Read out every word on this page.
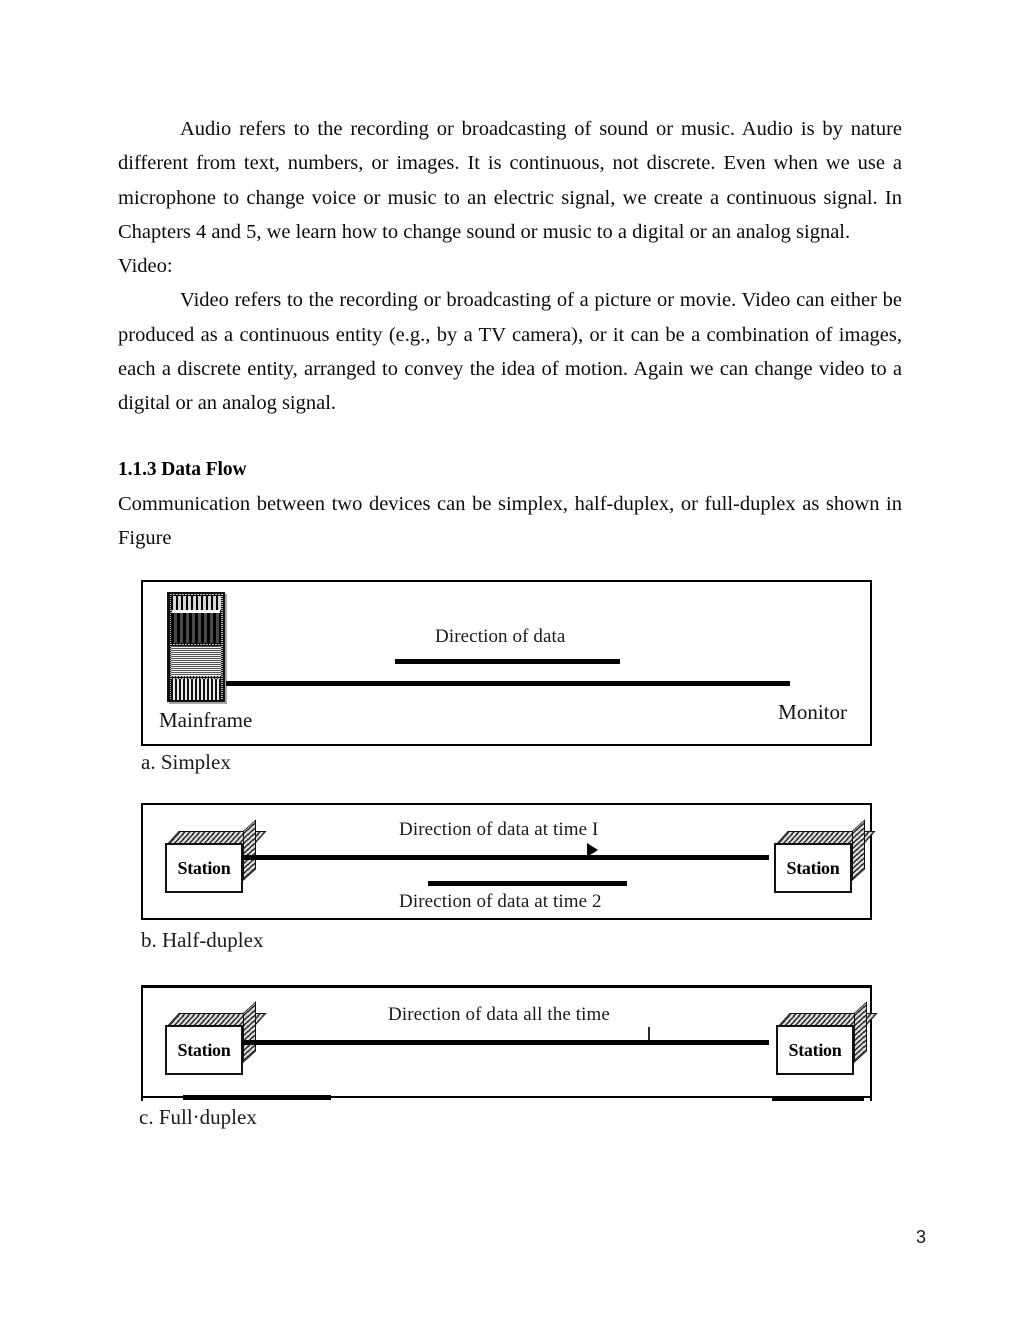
Audio refers to the recording or broadcasting of sound or music. Audio is by nature different from text, numbers, or images. It is continuous, not discrete. Even when we use a microphone to change voice or music to an electric signal, we create a continuous signal. In Chapters 4 and 5, we learn how to change sound or music to a digital or an analog signal.

Video:

Video refers to the recording or broadcasting of a picture or movie. Video can either be produced as a continuous entity (e.g., by a TV camera), or it can be a combination of images, each a discrete entity, arranged to convey the idea of motion. Again we can change video to a digital or an analog signal.

1.1.3 Data Flow

Communication between two devices can be simplex, half-duplex, or full-duplex as shown in Figure

Mainframe
Direction of data
Monitor
a. Simplex
Station
Direction of data at time I
Direction of data at time 2
Station
b. Half-duplex
Station
Direction of data all the time
Station
c. Full·duplex
3
